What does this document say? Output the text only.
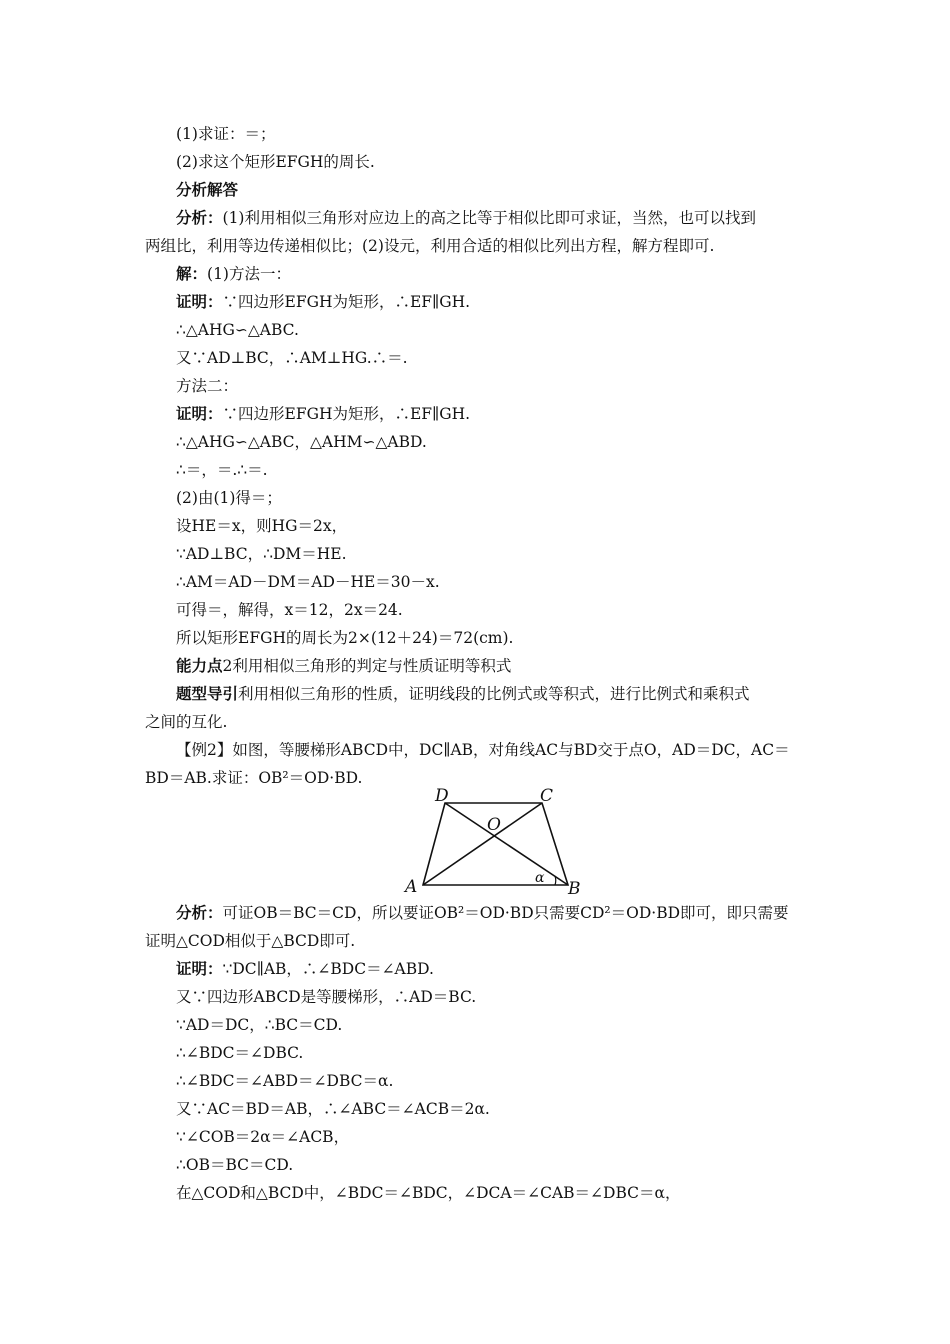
(1)求证：＝；
(2)求这个矩形EFGH的周长.
分析解答
分析：(1)利用相似三角形对应边上的高之比等于相似比即可求证，当然，也可以找到
两组比，利用等边传递相似比；(2)设元，利用合适的相似比列出方程，解方程即可.
解：(1)方法一：
证明：∵四边形EFGH为矩形，∴EF∥GH.
∴△AHG∽△ABC.
又∵AD⊥BC，∴AM⊥HG.∴＝.
方法二：
证明：∵四边形EFGH为矩形，∴EF∥GH.
∴△AHG∽△ABC，△AHM∽△ABD.
∴＝，＝.∴＝.
(2)由(1)得＝；
设HE＝x，则HG＝2x，
∵AD⊥BC，∴DM＝HE.
∴AM＝AD－DM＝AD－HE＝30－x.
可得＝，解得，x＝12，2x＝24.
所以矩形EFGH的周长为2×(12＋24)＝72(cm).
能力点2利用相似三角形的判定与性质证明等积式
题型导引利用相似三角形的性质，证明线段的比例式或等积式，进行比例式和乘积式
之间的互化.
【例2】如图，等腰梯形ABCD中，DC∥AB，对角线AC与BD交于点O，AD＝DC，AC＝
BD＝AB.求证：OB²＝OD·BD.
D	C
O
A	B
α
分析：可证OB＝BC＝CD，所以要证OB²＝OD·BD只需要CD²＝OD·BD即可，即只需要
证明△COD相似于△BCD即可.
证明：∵DC∥AB，∴∠BDC＝∠ABD.
又∵四边形ABCD是等腰梯形，∴AD＝BC.
∵AD＝DC，∴BC＝CD.
∴∠BDC＝∠DBC.
∴∠BDC＝∠ABD＝∠DBC＝α.
又∵AC＝BD＝AB，∴∠ABC＝∠ACB＝2α.
∵∠COB＝2α＝∠ACB，
∴OB＝BC＝CD.
在△COD和△BCD中，∠BDC＝∠BDC，∠DCA＝∠CAB＝∠DBC＝α，
